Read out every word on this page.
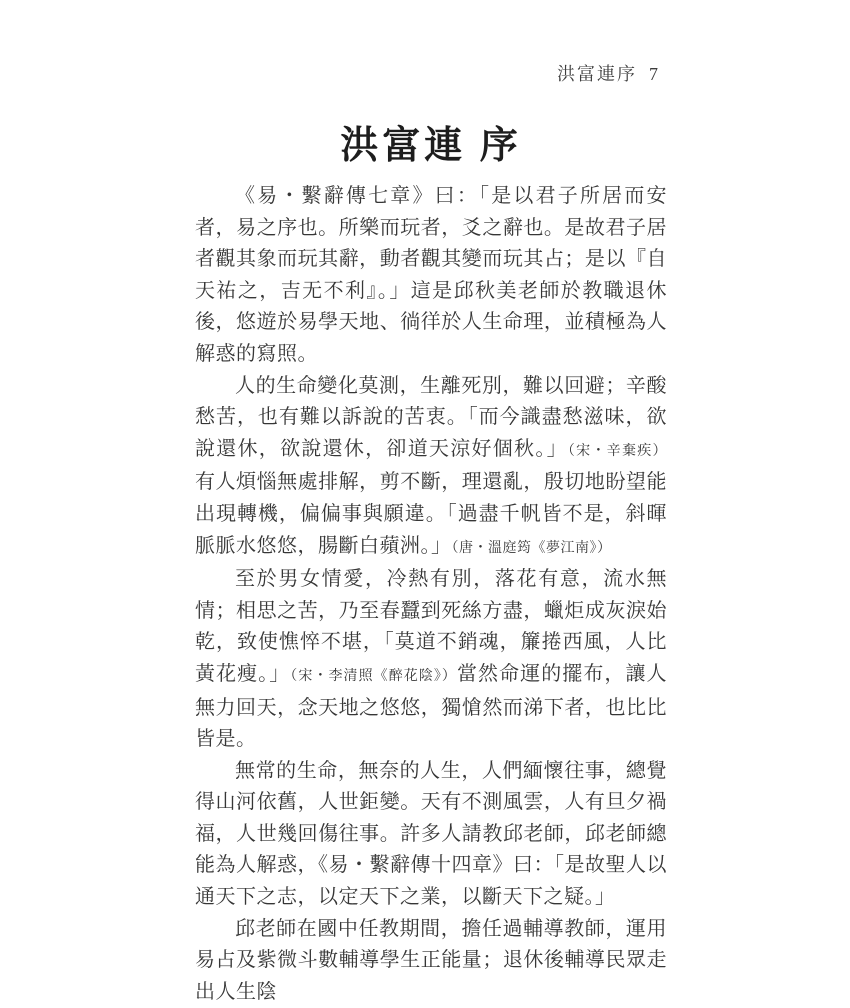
洪富連序 7
洪富連 序

《易・繫辭傳七章》曰：「是以君子所居而安者，易之序也。所樂而玩者，爻之辭也。是故君子居者觀其象而玩其辭，動者觀其變而玩其占；是以『自天祐之，吉无不利』。」這是邱秋美老師於教職退休後，悠遊於易學天地、徜徉於人生命理，並積極為人解惑的寫照。

人的生命變化莫測，生離死別，難以回避；辛酸愁苦，也有難以訴說的苦衷。「而今識盡愁滋味，欲說還休，欲說還休，卻道天涼好個秋。」（宋・辛棄疾）有人煩惱無處排解，剪不斷，理還亂，殷切地盼望能出現轉機，偏偏事與願違。「過盡千帆皆不是，斜暉脈脈水悠悠，腸斷白蘋洲。」（唐・溫庭筠《夢江南》）

至於男女情愛，冷熱有別，落花有意，流水無情；相思之苦，乃至春蠶到死絲方盡，蠟炬成灰淚始乾，致使憔悴不堪，「莫道不銷魂，簾捲西風，人比黃花瘦。」（宋・李清照《醉花陰》）當然命運的擺布，讓人無力回天，念天地之悠悠，獨愴然而涕下者，也比比皆是。

無常的生命，無奈的人生，人們緬懷往事，總覺得山河依舊，人世鉅變。天有不測風雲，人有旦夕禍福，人世幾回傷往事。許多人請教邱老師，邱老師總能為人解惑，《易・繫辭傳十四章》曰：「是故聖人以通天下之志，以定天下之業，以斷天下之疑。」

邱老師在國中任教期間，擔任過輔導教師，運用易占及紫微斗數輔導學生正能量；退休後輔導民眾走出人生陰
